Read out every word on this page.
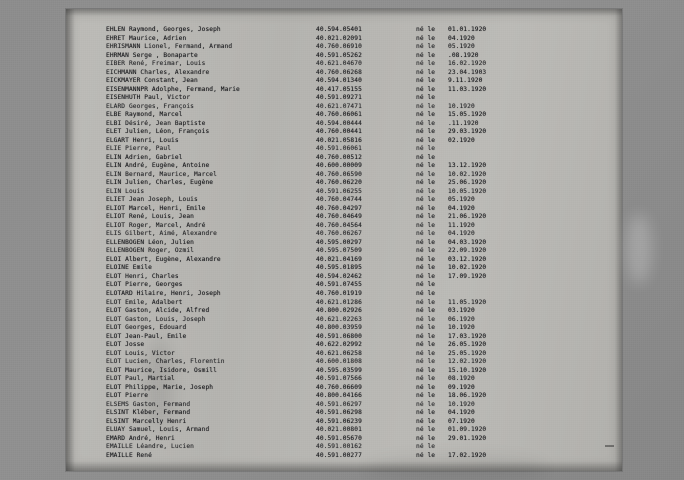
EHLEN Raymond, Georges, Joseph	40.594.05401	né le	01.01.1920
EHRET Maurice, Adrien	40.021.02091	né le	04.1920
EHRISMANN Lionel, Fermand, Armand	40.760.06910	né le	05.1920
EHRMAN Serge , Bonaparte	40.591.05262	né le	.08.1920
EIBER René, Freimar, Louis	40.621.04670	né le	16.02.1920
EICHMANN Charles, Alexandre	40.760.06268	né le	23.04.1903
EICKMAYER Constant, Jean	40.594.01340	né le	9.11.1920
EISENMANNPR Adolphe, Fermand, Marie	40.417.05155	né le	11.03.1920
EISENHUTH Paul, Victor	40.591.09271	né le
ELARD Georges, François	40.621.07471	né le	10.1920
ELBE Raymond, Marcel	40.760.06061	né le	15.05.1920
ELBI Désiré, Jean Baptiste	40.594.00444	né le	.11.1920
ELET Julien, Léon, François	40.760.00441	né le	29.03.1920
ELGART Henri, Louis	40.021.05816	né le	02.1920
ELIE Pierre, Paul	40.591.06061	né le
ELIN Adrien, Gabriel	40.760.00512	né le
ELIN André, Eugène, Antoine	40.600.00009	né le	13.12.1920
ELIN Bernard, Maurice, Marcel	40.760.06590	né le	10.02.1920
ELIN Julien, Charles, Eugène	40.760.06220	né le	25.06.1920
ELIN Louis	40.591.06255	né le	10.05.1920
ELIET Jean Joseph, Louis	40.760.04744	né le	05.1920
ELIOT Marcel, Henri, Emile	40.760.04297	né le	04.1920
ELIOT René, Louis, Jean	40.760.04649	né le	21.06.1920
ELIOT Roger, Marcel, André	40.760.04564	né le	11.1920
ELIS Gilbert, Aimé, Alexandre	40.760.06267	né le	04.1920
ELLENBOGEN Léon, Julien	40.595.00297	né le	04.03.1920
ELLENBOGEN Roger, Ozmil	40.595.07509	né le	22.09.1920
ELOI Albert, Eugène, Alexandre	40.021.04169	né le	03.12.1920
ELOINE Emile	40.595.01895	né le	10.02.1920
ELOT Henri, Charles	40.594.02462	né le	17.09.1920
ELOT Pierre, Georges	40.591.07455	né le
ELOTARD Hilaire, Henri, Joseph	40.760.01919	né le
ELOT Emile, Adalbert	40.621.01286	né le	11.05.1920
ELOT Gaston, Alcide, Alfred	40.800.02926	né le	03.1920
ELOT Gaston, Louis, Joseph	40.621.02263	né le	06.1920
ELOT Georges, Edouard	40.800.03959	né le	10.1920
ELOT Jean-Paul, Emile	40.591.06800	né le	17.03.1920
ELOT Josse	40.622.02992	né le	26.05.1920
ELOT Louis, Victor	40.621.06258	né le	25.05.1920
ELOT Lucien, Charles, Florentin	40.600.01808	né le	12.02.1920
ELOT Maurice, Isidore, Osmill	40.595.03599	né le	15.10.1920
ELOT Paul, Martial	40.591.07566	né le	08.1920
ELOT Philippe, Marie, Joseph	40.760.06609	né le	09.1920
ELOT Pierre	40.800.04166	né le	18.06.1920
ELSEMS Gaston, Fermand	40.591.06297	né le	10.1920
ELSINT Kléber, Fermand	40.591.06298	né le	04.1920
ELSINT Marcelly Henri	40.591.06239	né le	07.1920
ELUAY Samuel, Louis, Armand	40.021.00801	né le	01.09.1920
EMARD André, Henri	40.591.05670	né le	29.01.1920
EMAILLE Léandre, Lucien	40.591.00162	né le
EMAILLE René	40.591.00277	né le	17.02.1920
